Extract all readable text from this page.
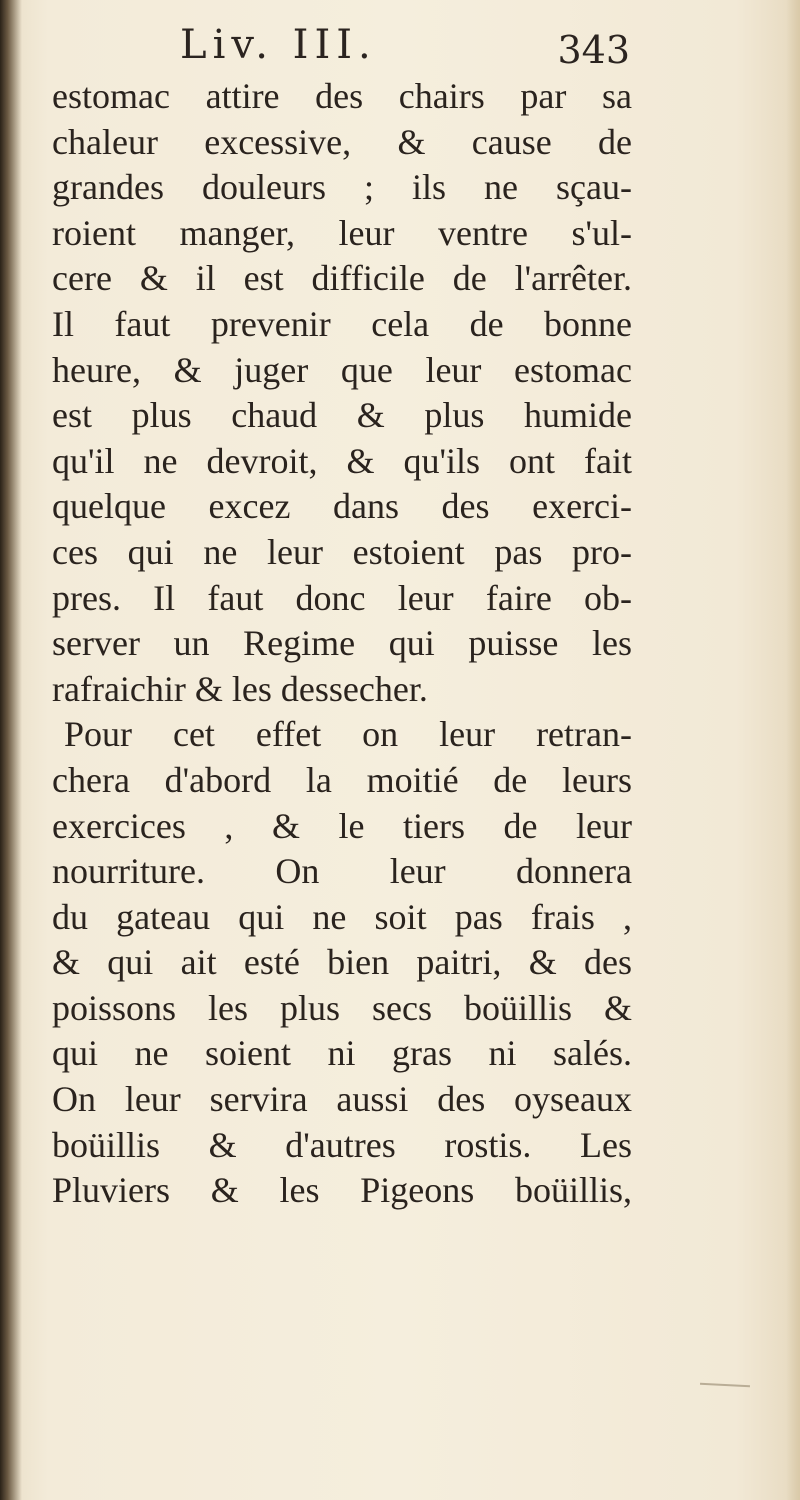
Liv. III.	343
estomac attire des chairs par sa
chaleur excessive, & cause de
grandes douleurs ; ils ne sçau-
roient manger, leur ventre s'ul-
cere & il est difficile de l'arrêter.
Il faut prevenir cela de bonne
heure, & juger que leur estomac
est plus chaud & plus humide
qu'il ne devroit, & qu'ils ont fait
quelque excez dans des exerci-
ces qui ne leur estoient pas pro-
pres. Il faut donc leur faire ob-
server un Regime qui puisse les
rafraichir & les dessecher.
Pour cet effet on leur retran-
chera d'abord la moitié de leurs
exercices , & le tiers de leur
nourriture. On leur donnera
du gateau qui ne soit pas frais ,
& qui ait esté bien paitri, & des
poissons les plus secs boüillis &
qui ne soient ni gras ni salés.
On leur servira aussi des oyseaux
boüillis & d'autres rostis. Les
Pluviers & les Pigeons boüillis,
